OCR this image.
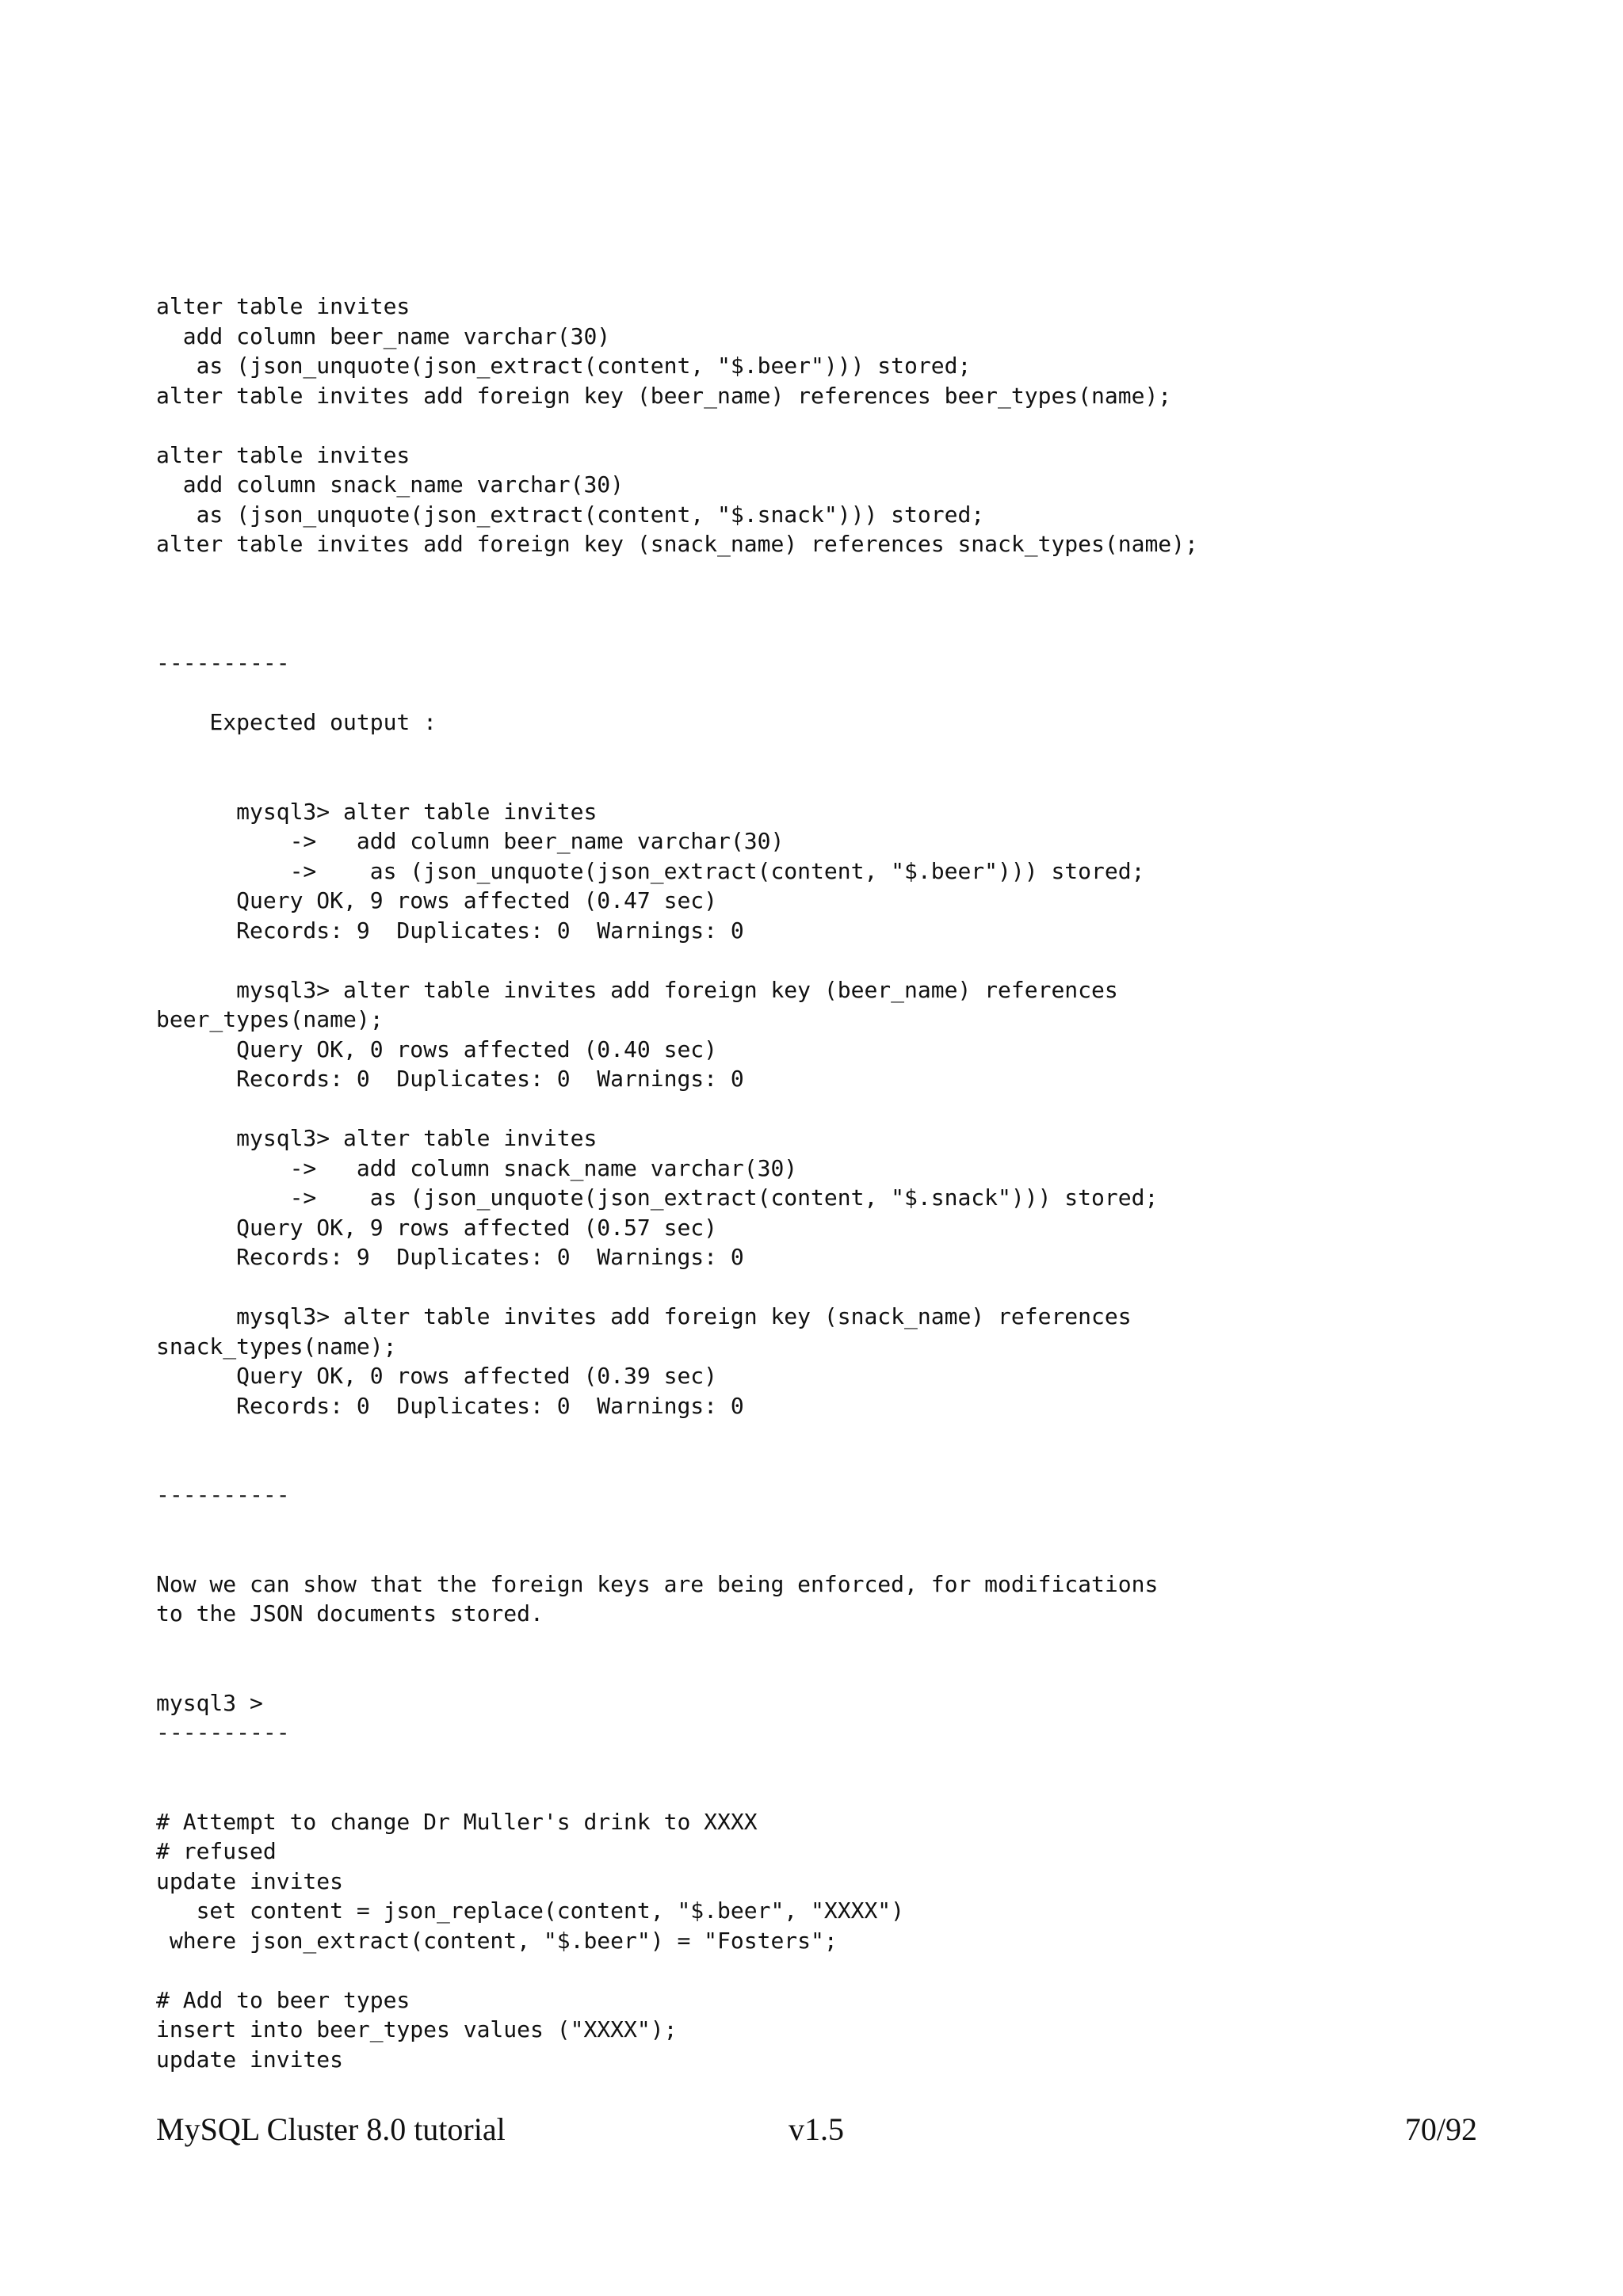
alter table invites
add column beer_name varchar(30)
as (json_unquote(json_extract(content, "$.beer"))) stored;
alter table invites add foreign key (beer_name) references beer_types(name);

alter table invites
add column snack_name varchar(30)
as (json_unquote(json_extract(content, "$.snack"))) stored;
alter table invites add foreign key (snack_name) references snack_types(name);

----------

Expected output :

mysql3> alter table invites
->   add column beer_name varchar(30)
->    as (json_unquote(json_extract(content, "$.beer"))) stored;
Query OK, 9 rows affected (0.47 sec)
Records: 9  Duplicates: 0  Warnings: 0

mysql3> alter table invites add foreign key (beer_name) references
beer_types(name);
Query OK, 0 rows affected (0.40 sec)
Records: 0  Duplicates: 0  Warnings: 0

mysql3> alter table invites
->   add column snack_name varchar(30)
->    as (json_unquote(json_extract(content, "$.snack"))) stored;
Query OK, 9 rows affected (0.57 sec)
Records: 9  Duplicates: 0  Warnings: 0

mysql3> alter table invites add foreign key (snack_name) references
snack_types(name);
Query OK, 0 rows affected (0.39 sec)
Records: 0  Duplicates: 0  Warnings: 0

----------

Now we can show that the foreign keys are being enforced, for modifications
to the JSON documents stored.

mysql3 >
----------

# Attempt to change Dr Muller's drink to XXXX
# refused
update invites
set content = json_replace(content, "$.beer", "XXXX")
where json_extract(content, "$.beer") = "Fosters";

# Add to beer types
insert into beer_types values ("XXXX");
update invites
MySQL Cluster 8.0 tutorial	v1.5	70/92
